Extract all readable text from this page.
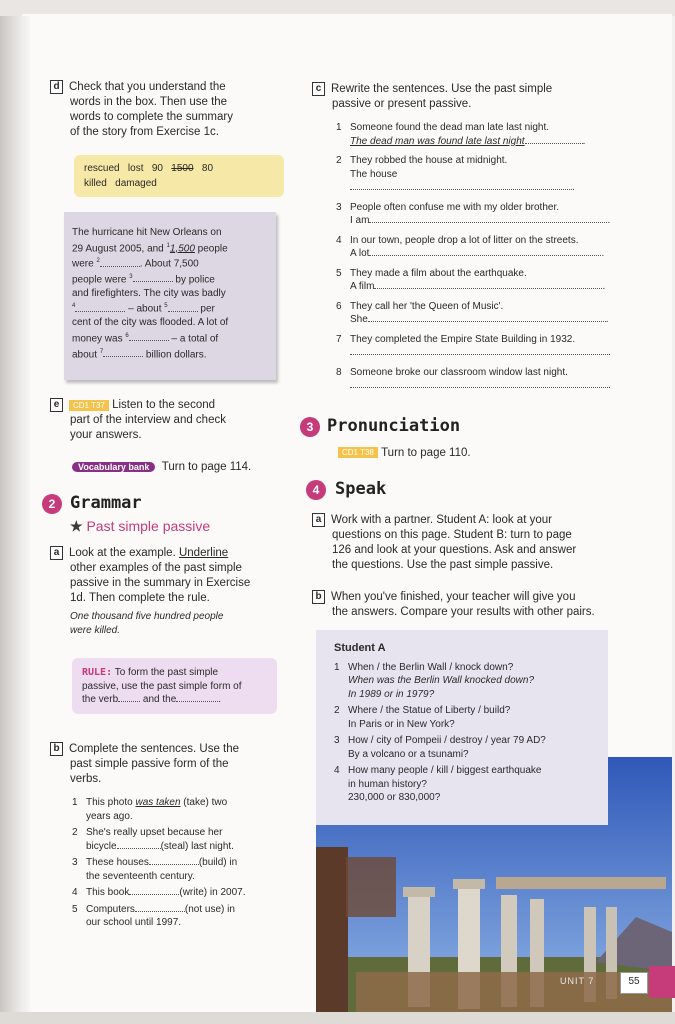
d Check that you understand the
words in the box. Then use the
words to complete the summary
of the story from Exercise 1c.
rescued lost 90 1500 80
killed damaged
The hurricane hit New Orleans on
29 August 2005, and $^1$1,500 people
were $^2$	. About 7,500
people were $^3$	by police
and firefighters. The city was badly
$^4$	– about $^5$	per
cent of the city was flooded. A lot of
money was $^6$	– a total of
about $^7$	billion dollars.
e CD1 T37 Listen to the second
part of the interview and check
your answers.
Vocabulary bank Turn to page 114.
2 Grammar
★ Past simple passive
a Look at the example. Underline
other examples of the past simple
passive in the summary in Exercise
1d. Then complete the rule.
One thousand five hundred people
were killed.
RULE: To form the past simple
passive, use the past simple form of
the verb and the	.
b Complete the sentences. Use the
past simple passive form of the
verbs.
1 This photo was taken (take) two
years ago.
2 She's really upset because her
bicycle	(steal) last night.
3 These houses	(build) in
the seventeenth century.
4 This book	(write) in 2007.
5 Computers	(not use) in
our school until 1997.
c Rewrite the sentences. Use the past simple
passive or present passive.
1 Someone found the dead man late last night.
The dead man was found late last night	.
2 They robbed the house at midnight.
The house.
3 People often confuse me with my older brother.
I am	.
4 In our town, people drop a lot of litter on the streets.
A lot	.
5 They made a film about the earthquake.
A film	.
6 They call her 'the Queen of Music'.
She	.
7 They completed the Empire State Building in 1932.
.
8 Someone broke our classroom window last night.
.
3 Pronunciation
CD1 T38 Turn to page 110.
4 Speak
a Work with a partner. Student A: look at your
questions on this page. Student B: turn to page
126 and look at your questions. Ask and answer
the questions. Use the past simple passive.
b When you've finished, your teacher will give you
the answers. Compare your results with other pairs.
Student A
1 When / the Berlin Wall / knock down?
When was the Berlin Wall knocked down?
In 1989 or in 1979?
2 Where / the Statue of Liberty / build?
In Paris or in New York?
3 How / city of Pompeii / destroy / year 79 AD?
By a volcano or a tsunami?
4 How many people / kill / biggest earthquake
in human history?
230,000 or 830,000?
UNIT 7	55
